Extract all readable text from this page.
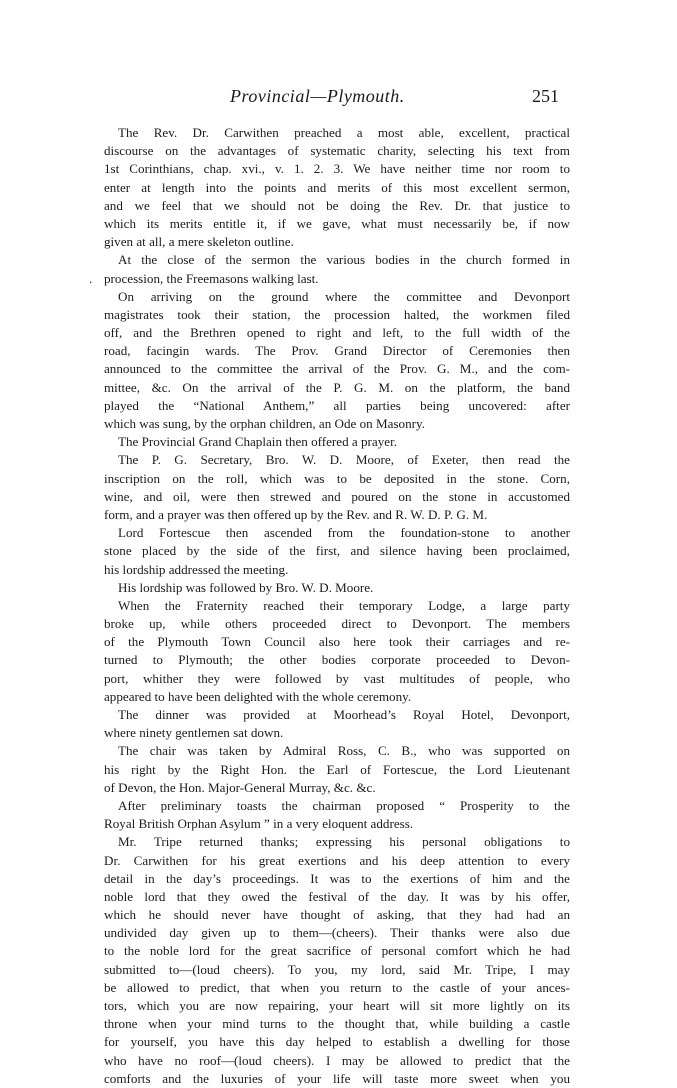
Provincial—Plymouth.	251
The Rev. Dr. Carwithen preached a most able, excellent, practical
discourse on the advantages of systematic charity, selecting his text from
1st Corinthians, chap. xvi., v. 1. 2. 3. We have neither time nor room to
enter at length into the points and merits of this most excellent sermon,
and we feel that we should not be doing the Rev. Dr. that justice to
which its merits entitle it, if we gave, what must necessarily be, if now
given at all, a mere skeleton outline.
At the close of the sermon the various bodies in the church formed in
. procession, the Freemasons walking last.
On arriving on the ground where the committee and Devonport
magistrates took their station, the procession halted, the workmen filed
off, and the Brethren opened to right and left, to the full width of the
road, facingin wards. The Prov. Grand Director of Ceremonies then
announced to the committee the arrival of the Prov. G. M., and the com-
mittee, &c. On the arrival of the P. G. M. on the platform, the band
played the “National Anthem,” all parties being uncovered: after
which was sung, by the orphan children, an Ode on Masonry.
The Provincial Grand Chaplain then offered a prayer.
The P. G. Secretary, Bro. W. D. Moore, of Exeter, then read the
inscription on the roll, which was to be deposited in the stone. Corn,
wine, and oil, were then strewed and poured on the stone in accustomed
form, and a prayer was then offered up by the Rev. and R. W. D. P. G. M.
Lord Fortescue then ascended from the foundation-stone to another
stone placed by the side of the first, and silence having been proclaimed,
his lordship addressed the meeting.
His lordship was followed by Bro. W. D. Moore.
When the Fraternity reached their temporary Lodge, a large party
broke up, while others proceeded direct to Devonport. The members
of the Plymouth Town Council also here took their carriages and re-
turned to Plymouth; the other bodies corporate proceeded to Devon-
port, whither they were followed by vast multitudes of people, who
appeared to have been delighted with the whole ceremony.
The dinner was provided at Moorhead’s Royal Hotel, Devonport,
where ninety gentlemen sat down.
The chair was taken by Admiral Ross, C. B., who was supported on
his right by the Right Hon. the Earl of Fortescue, the Lord Lieutenant
of Devon, the Hon. Major-General Murray, &c. &c.
After preliminary toasts the chairman proposed “ Prosperity to the
Royal British Orphan Asylum ” in a very eloquent address.
Mr. Tripe returned thanks; expressing his personal obligations to
Dr. Carwithen for his great exertions and his deep attention to every
detail in the day’s proceedings. It was to the exertions of him and the
noble lord that they owed the festival of the day. It was by his offer,
which he should never have thought of asking, that they had had an
undivided day given up to them—(cheers). Their thanks were also due
to the noble lord for the great sacrifice of personal comfort which he had
submitted to—(loud cheers). To you, my lord, said Mr. Tripe, I may
be allowed to predict, that when you return to the castle of your ances-
tors, which you are now repairing, your heart will sit more lightly on its
throne when your mind turns to the thought that, while building a castle
for yourself, you have this day helped to establish a dwelling for those
who have no roof—(loud cheers). I may be allowed to predict that the
comforts and the luxuries of your life will taste more sweet when you
